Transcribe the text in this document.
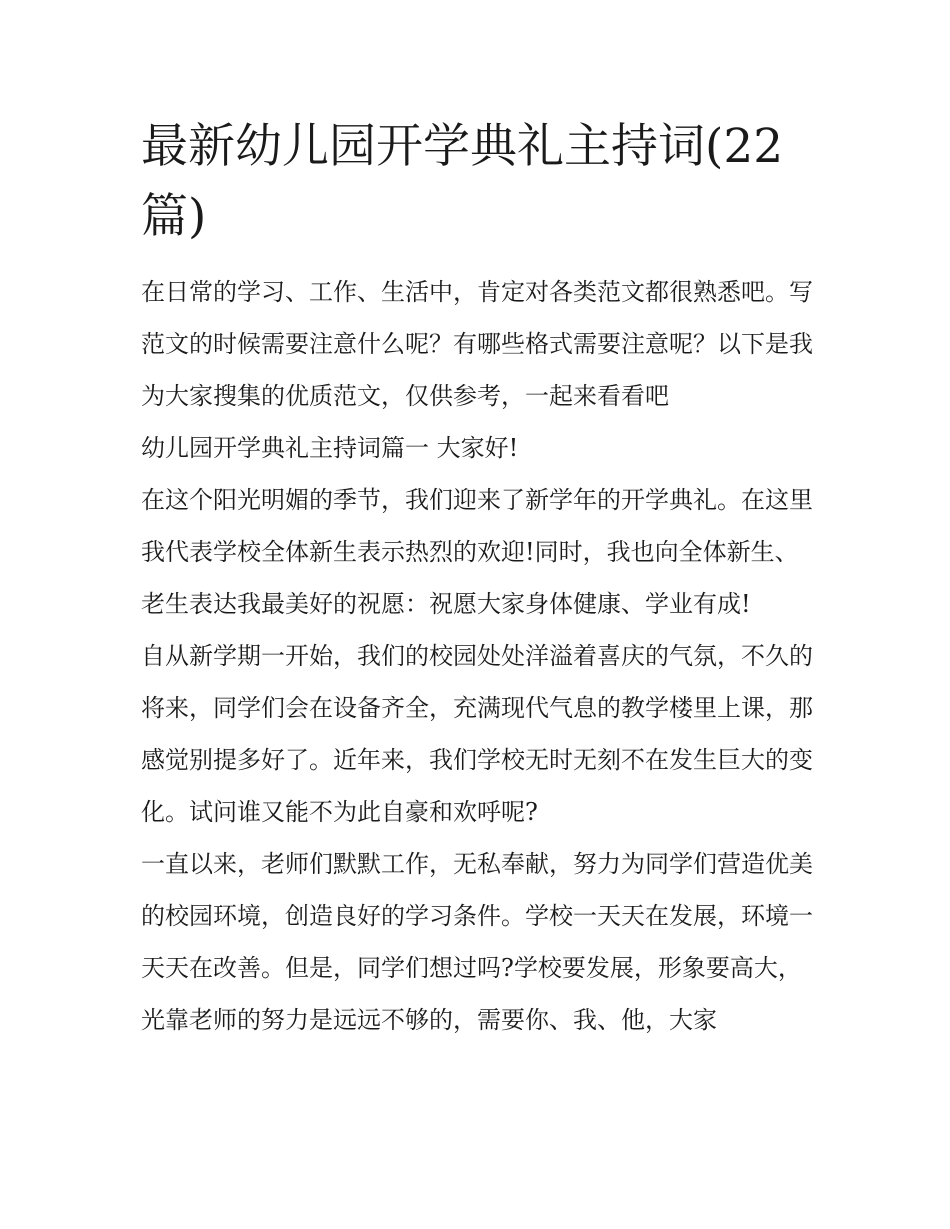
最新幼儿园开学典礼主持词(22篇)

在日常的学习、工作、生活中，肯定对各类范文都很熟悉吧。写范文的时候需要注意什么呢？有哪些格式需要注意呢？以下是我为大家搜集的优质范文，仅供参考，一起来看看吧

幼儿园开学典礼主持词篇一 大家好!

在这个阳光明媚的季节，我们迎来了新学年的开学典礼。在这里我代表学校全体新生表示热烈的欢迎!同时，我也向全体新生、老生表达我最美好的祝愿：祝愿大家身体健康、学业有成!

自从新学期一开始，我们的校园处处洋溢着喜庆的气氛，不久的将来，同学们会在设备齐全，充满现代气息的教学楼里上课，那感觉别提多好了。近年来，我们学校无时无刻不在发生巨大的变化。试问谁又能不为此自豪和欢呼呢?

一直以来，老师们默默工作，无私奉献，努力为同学们营造优美的校园环境，创造良好的学习条件。学校一天天在发展，环境一天天在改善。但是，同学们想过吗?学校要发展，形象要高大，光靠老师的努力是远远不够的，需要你、我、他，大家
